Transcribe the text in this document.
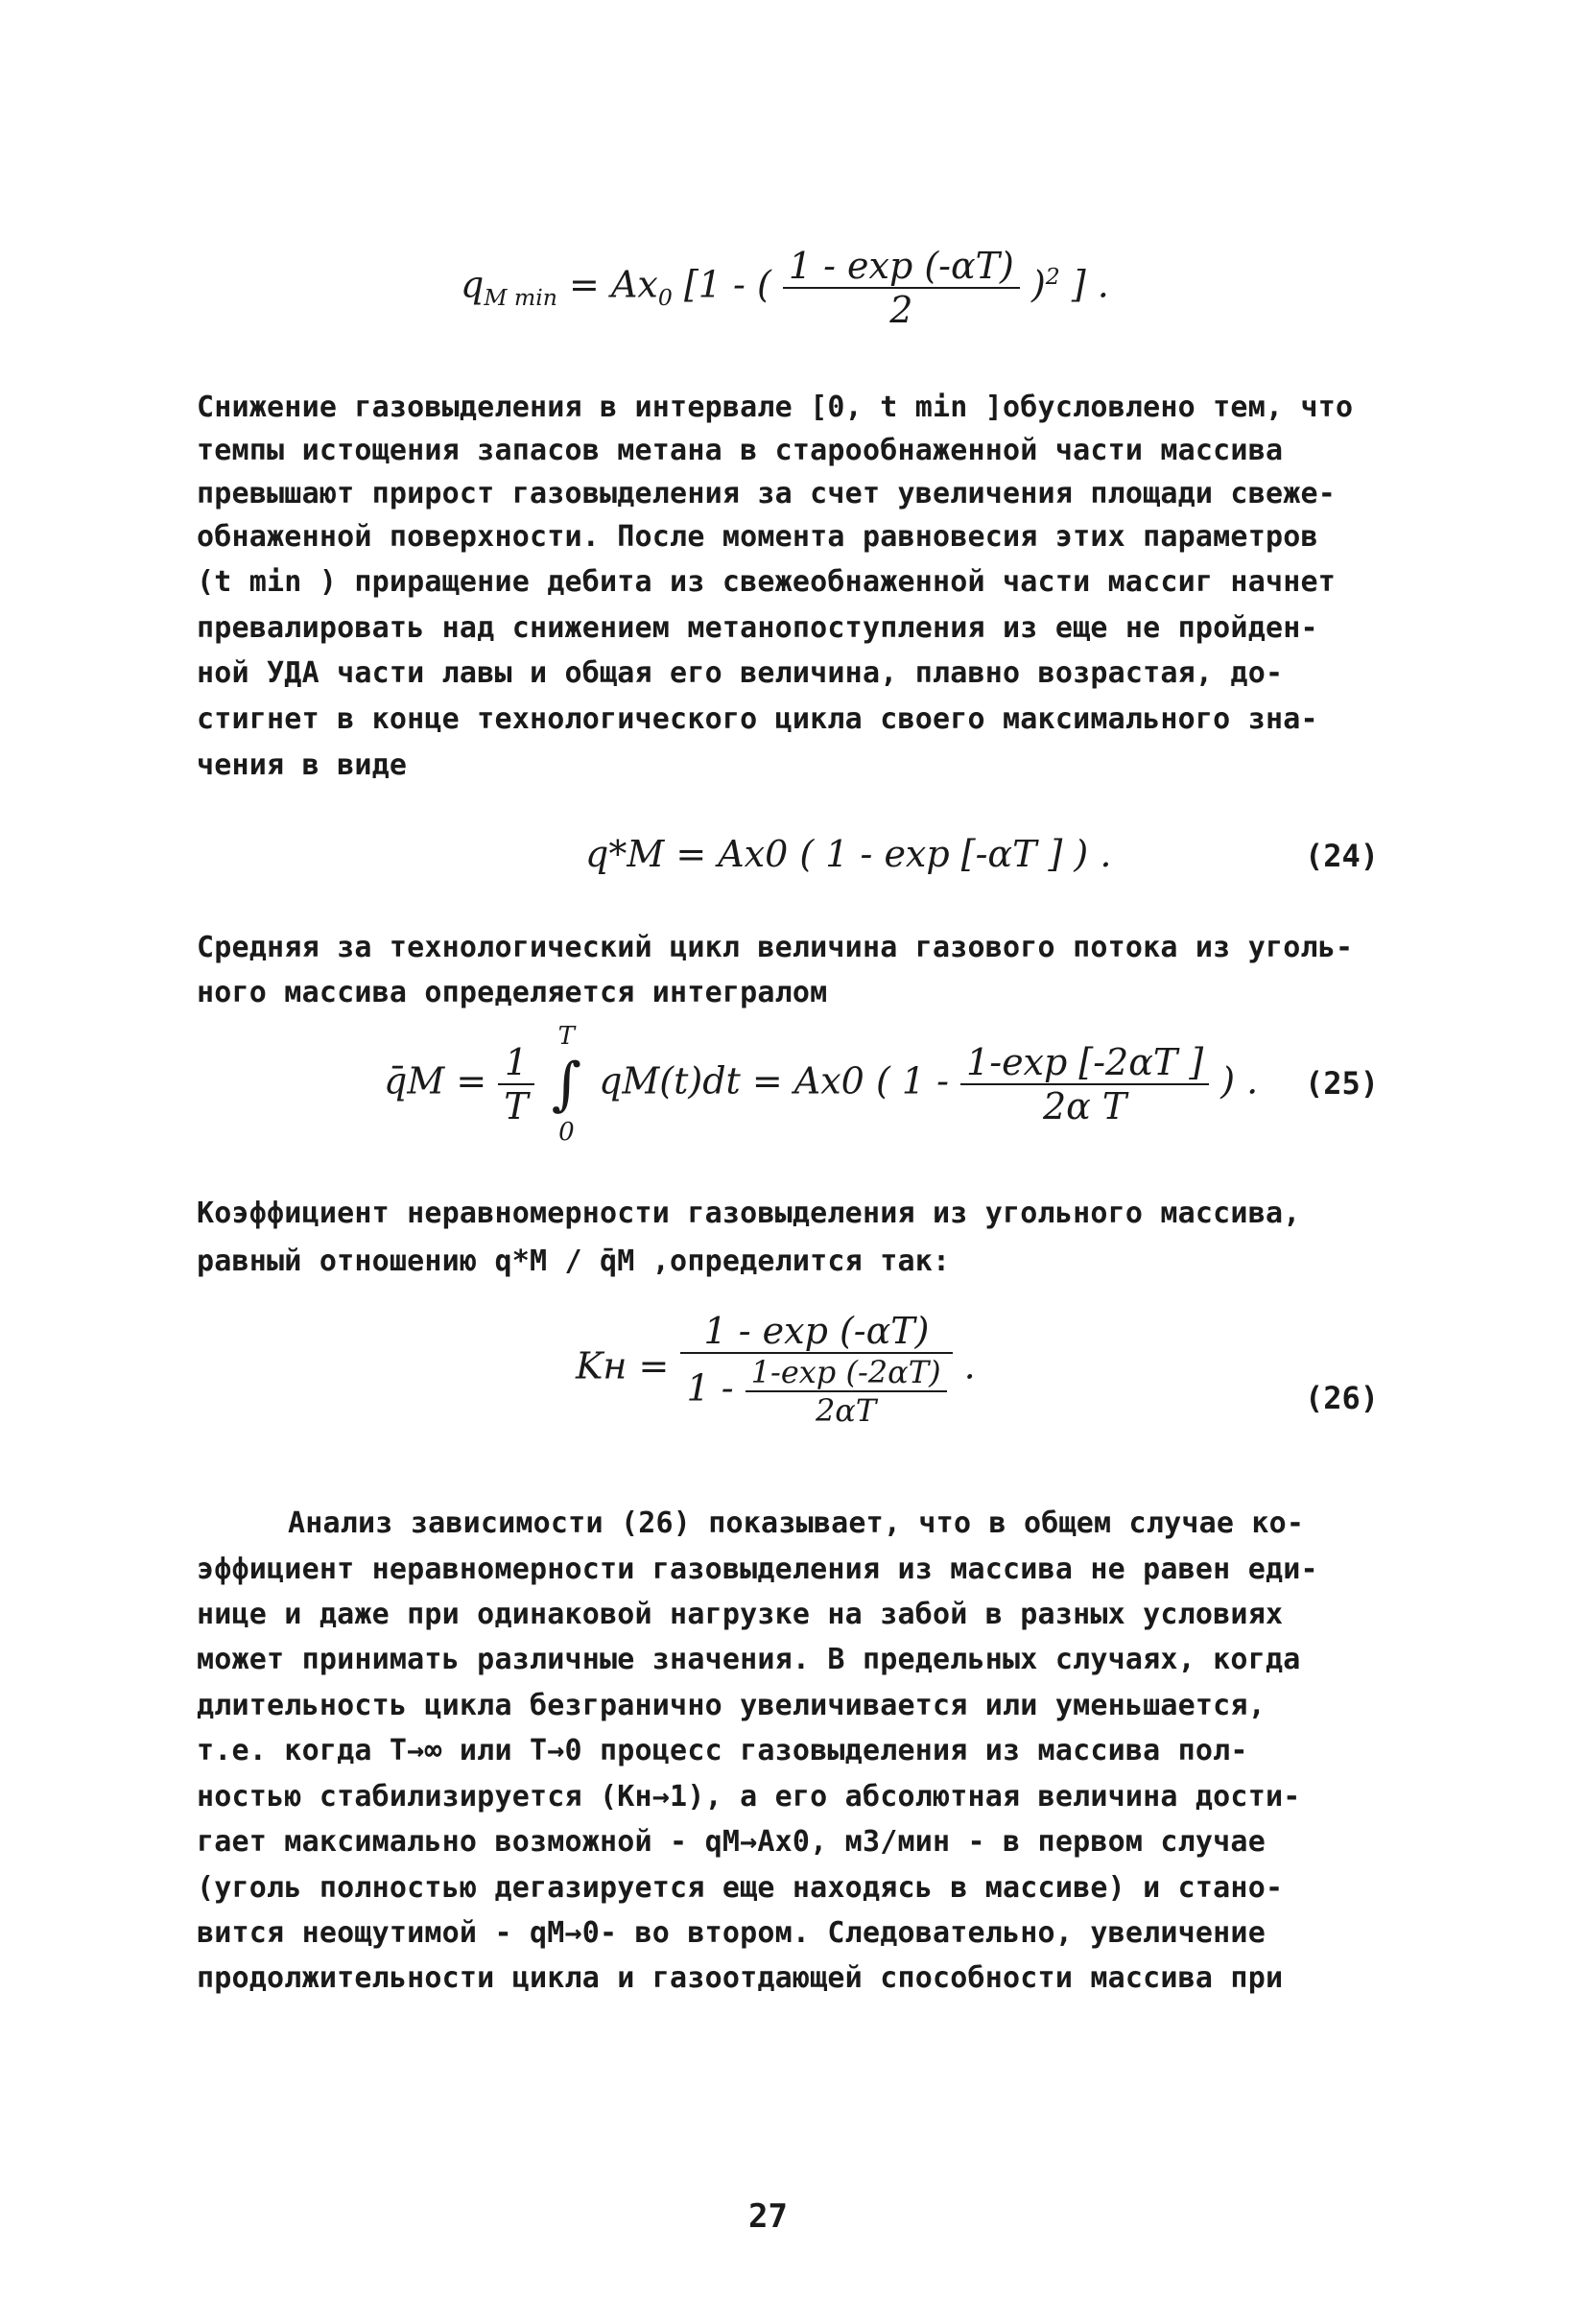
$q_{M min} = Ax_0$ [1 - ( $\frac{1 - \exp (-\alpha T)}{2} )^2$ ] .
Снижение газовыделения в интервале [0, t min ]обусловлено тем, что
темпы истощения запасов метана в старообнаженной части массива
превышают прирост газовыделения за счет увеличения площади свеже-
обнаженной поверхности. После момента равновесия этих параметров
(t min ) приращение дебита из свежеобнаженной части массиг начнет
превалировать над снижением метанопоступления из еще не пройден-
ной УДА части лавы и общая его величина, плавно возрастая, до-
стигнет в конце технологического цикла своего максимального зна-
чения в виде
q*M = Ax0 ( 1 - exp [-αT ] ) .	(24)
Средняя за технологический цикл величина газового потока из уголь-
ного массива определяется интегралом
q̄M = $\frac{1}{T}$

T
∫
0
qM(t)dt = Ax0 ( $1 - \frac{1-\exp [-2\alpha T ]}{\text{2α T}}$ ) . (25)
Коэффициент неравномерности газовыделения из угольного массива,
равный отношению q*M / q̄M ,определится так:
Kн = $\frac{1 - \exp (-\alpha T)}{1 - \frac{1-\exp (-2\alpha T)}{2\alpha T}}$ .
(26)
Анализ зависимости (26) показывает, что в общем случае ко-
эффициент неравномерности газовыделения из массива не равен еди-
нице и даже при одинаковой нагрузке на забой в разных условиях
может принимать различные значения. В предельных случаях, когда
длительность цикла безгранично увеличивается или уменьшается,
т.е. когда T→∞ или T→0 процесс газовыделения из массива пол-
ностью стабилизируется (Kн→1), а его абсолютная величина дости-
гает максимально возможной - qM→Ax0, м3/мин - в первом случае
(уголь полностью дегазируется еще находясь в массиве) и стано-
вится неощутимой - qM→0- во втором. Следовательно, увеличение
продолжительности цикла и газоотдающей способности массива при
27
